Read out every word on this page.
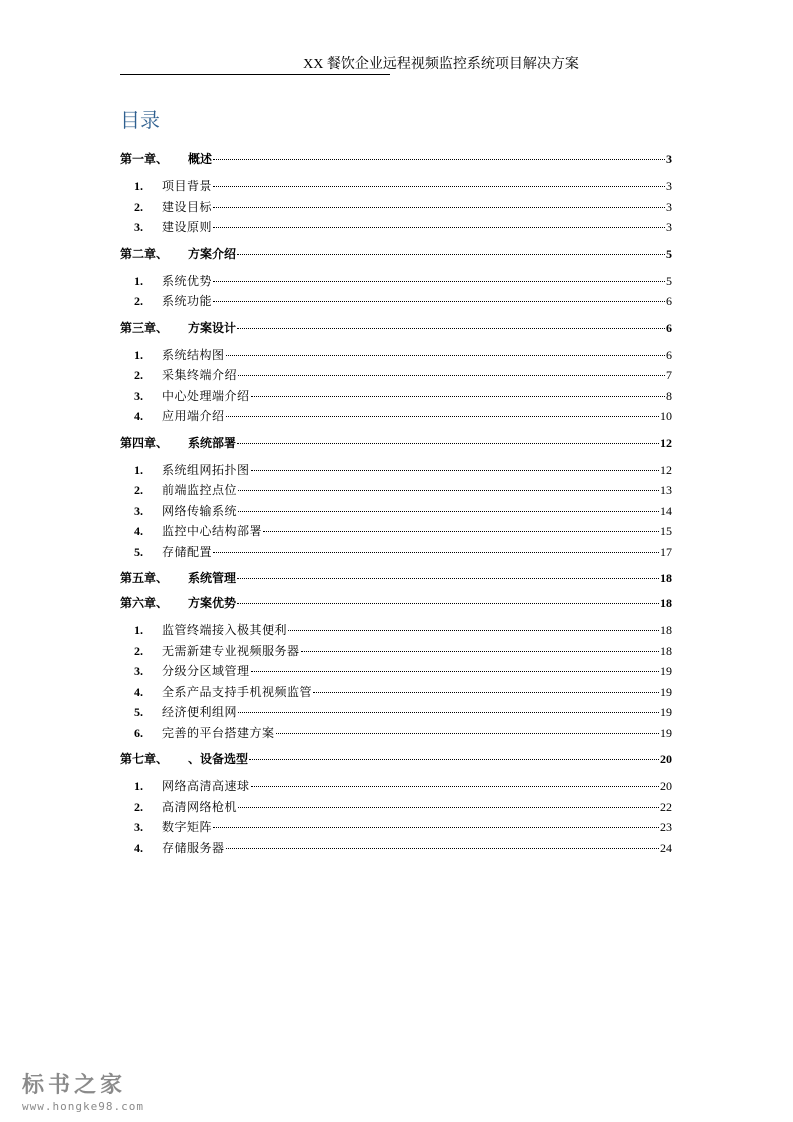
XX 餐饮企业远程视频监控系统项目解决方案
目录
第一章、	概述	3
1.	项目背景	3
2.	建设目标	3
3.	建设原则	3
第二章、	方案介绍	5
1.	系统优势	5
2.	系统功能	6
第三章、	方案设计	6
1.	系统结构图	6
2.	采集终端介绍	7
3.	中心处理端介绍	8
4.	应用端介绍	10
第四章、	系统部署	12
1.	系统组网拓扑图	12
2.	前端监控点位	13
3.	网络传输系统	14
4.	监控中心结构部署	15
5.	存储配置	17
第五章、	系统管理	18
第六章、	方案优势	18
1.	监管终端接入极其便利	18
2.	无需新建专业视频服务器	18
3.	分级分区域管理	19
4.	全系产品支持手机视频监管	19
5.	经济便利组网	19
6.	完善的平台搭建方案	19
第七章、	、设备选型	20
1.	网络高清高速球	20
2.	高清网络枪机	22
3.	数字矩阵	23
4.	存储服务器	24
标书之家
www.hongke98.com
